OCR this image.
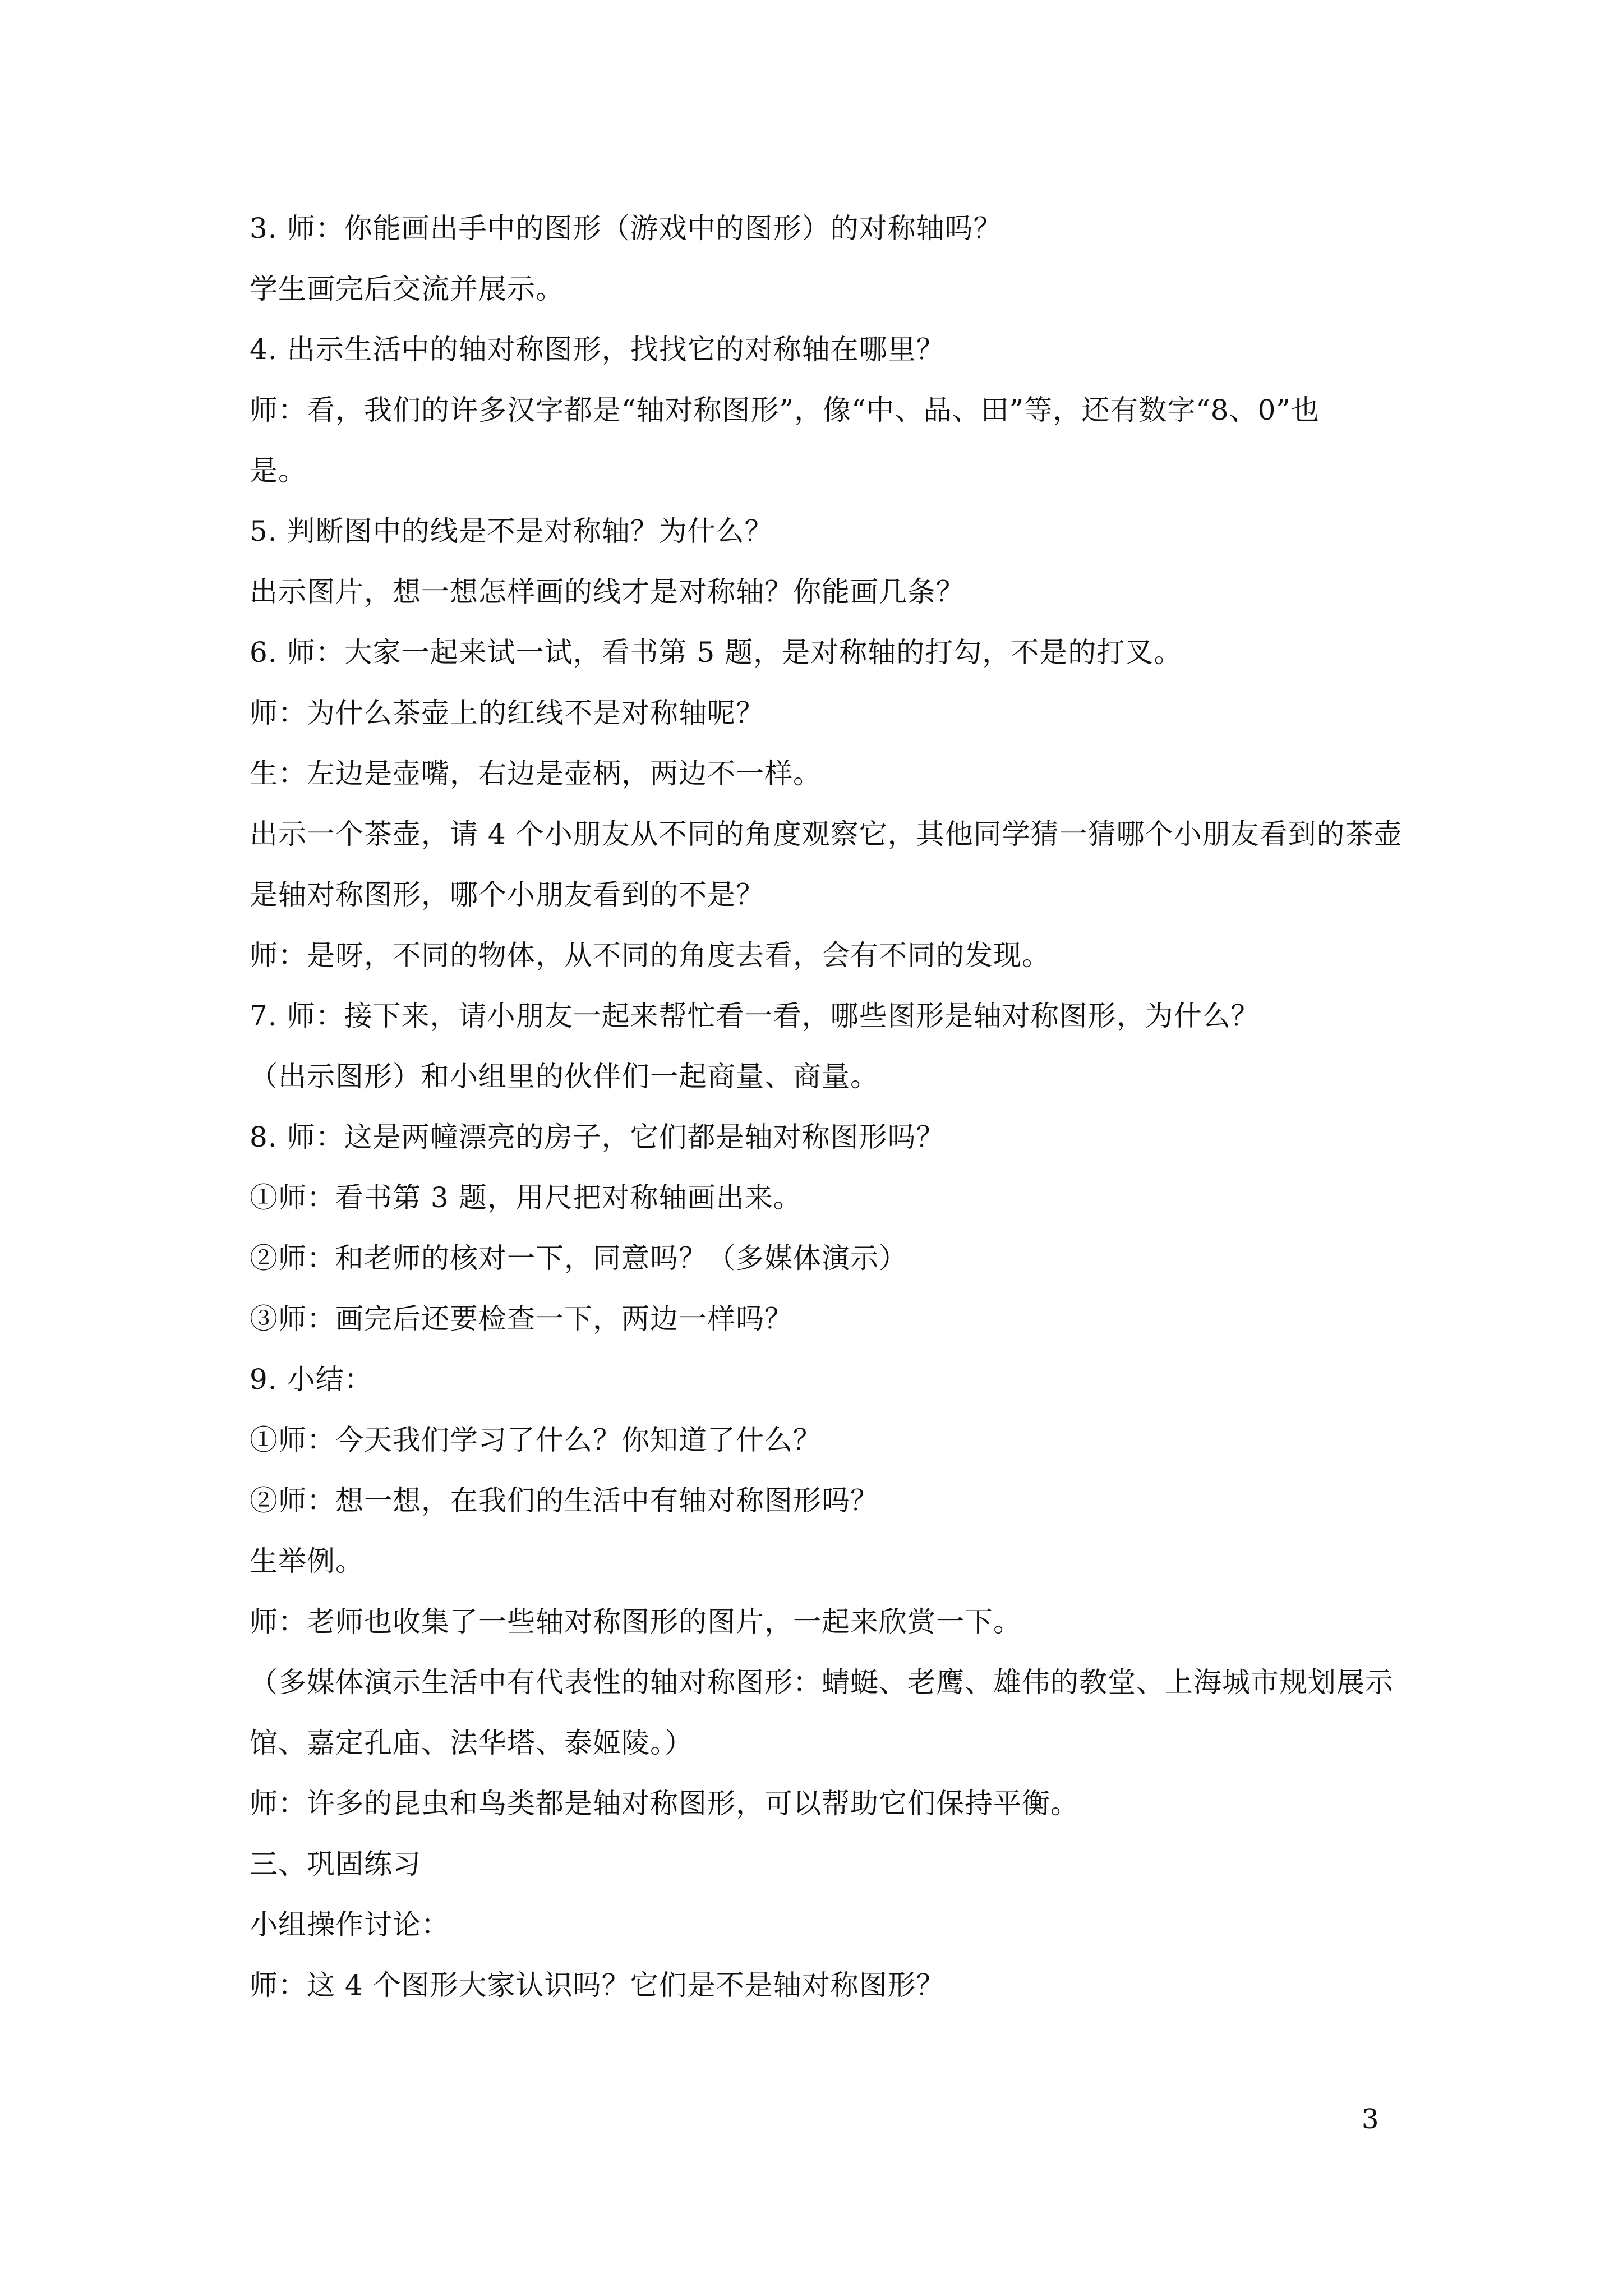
3. 师：你能画出手中的图形（游戏中的图形）的对称轴吗？

学生画完后交流并展示。

4. 出示生活中的轴对称图形，找找它的对称轴在哪里？

师：看，我们的许多汉字都是“轴对称图形”，像“中、品、田”等，还有数字“8、0”也

是。

5. 判断图中的线是不是对称轴？为什么？

出示图片，想一想怎样画的线才是对称轴？你能画几条？

6. 师：大家一起来试一试，看书第 5 题，是对称轴的打勾，不是的打叉。

师：为什么茶壶上的红线不是对称轴呢？

生：左边是壶嘴，右边是壶柄，两边不一样。

出示一个茶壶，请 4 个小朋友从不同的角度观察它，其他同学猜一猜哪个小朋友看到的茶壶

是轴对称图形，哪个小朋友看到的不是？

师：是呀，不同的物体，从不同的角度去看，会有不同的发现。

7. 师：接下来，请小朋友一起来帮忙看一看，哪些图形是轴对称图形，为什么？

（出示图形）和小组里的伙伴们一起商量、商量。

8. 师：这是两幢漂亮的房子，它们都是轴对称图形吗？

①师：看书第 3 题，用尺把对称轴画出来。

②师：和老师的核对一下，同意吗？（多媒体演示）

③师：画完后还要检查一下，两边一样吗？

9. 小结：

①师：今天我们学习了什么？你知道了什么？

②师：想一想，在我们的生活中有轴对称图形吗？

生举例。

师：老师也收集了一些轴对称图形的图片，一起来欣赏一下。

（多媒体演示生活中有代表性的轴对称图形：蜻蜓、老鹰、雄伟的教堂、上海城市规划展示

馆、嘉定孔庙、法华塔、泰姬陵。）

师：许多的昆虫和鸟类都是轴对称图形，可以帮助它们保持平衡。

三、巩固练习

小组操作讨论：

师：这 4 个图形大家认识吗？它们是不是轴对称图形？

3
